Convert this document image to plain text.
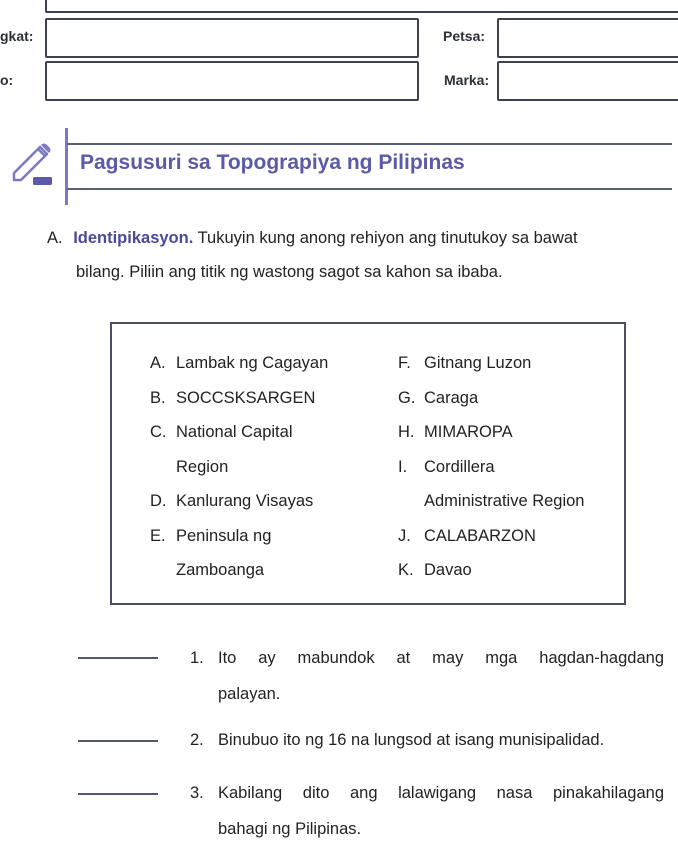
gkat:
o:
Petsa:
Marka:
Pagsusuri sa Topograpiya ng Pilipinas
A. Identipikasyon. Tukuyin kung anong rehiyon ang tinutukoy sa bawat
bilang. Piliin ang titik ng wastong sagot sa kahon sa ibaba.
A. Lambak ng Cagayan
B. SOCCSKSARGEN
C. National Capital
Region
D. Kanlurang Visayas
E. Peninsula ng
Zamboanga
F. Gitnang Luzon
G. Caraga
H. MIMAROPA
I.	Cordillera
Administrative Region
J. CALABARZON
K. Davao
1. Ito ay mabundok at may mga hagdan-hagdang
palayan.
2. Binubuo ito ng 16 na lungsod at isang munisipalidad.
3. Kabilang dito ang lalawigang nasa pinakahilagang
bahagi ng Pilipinas.
